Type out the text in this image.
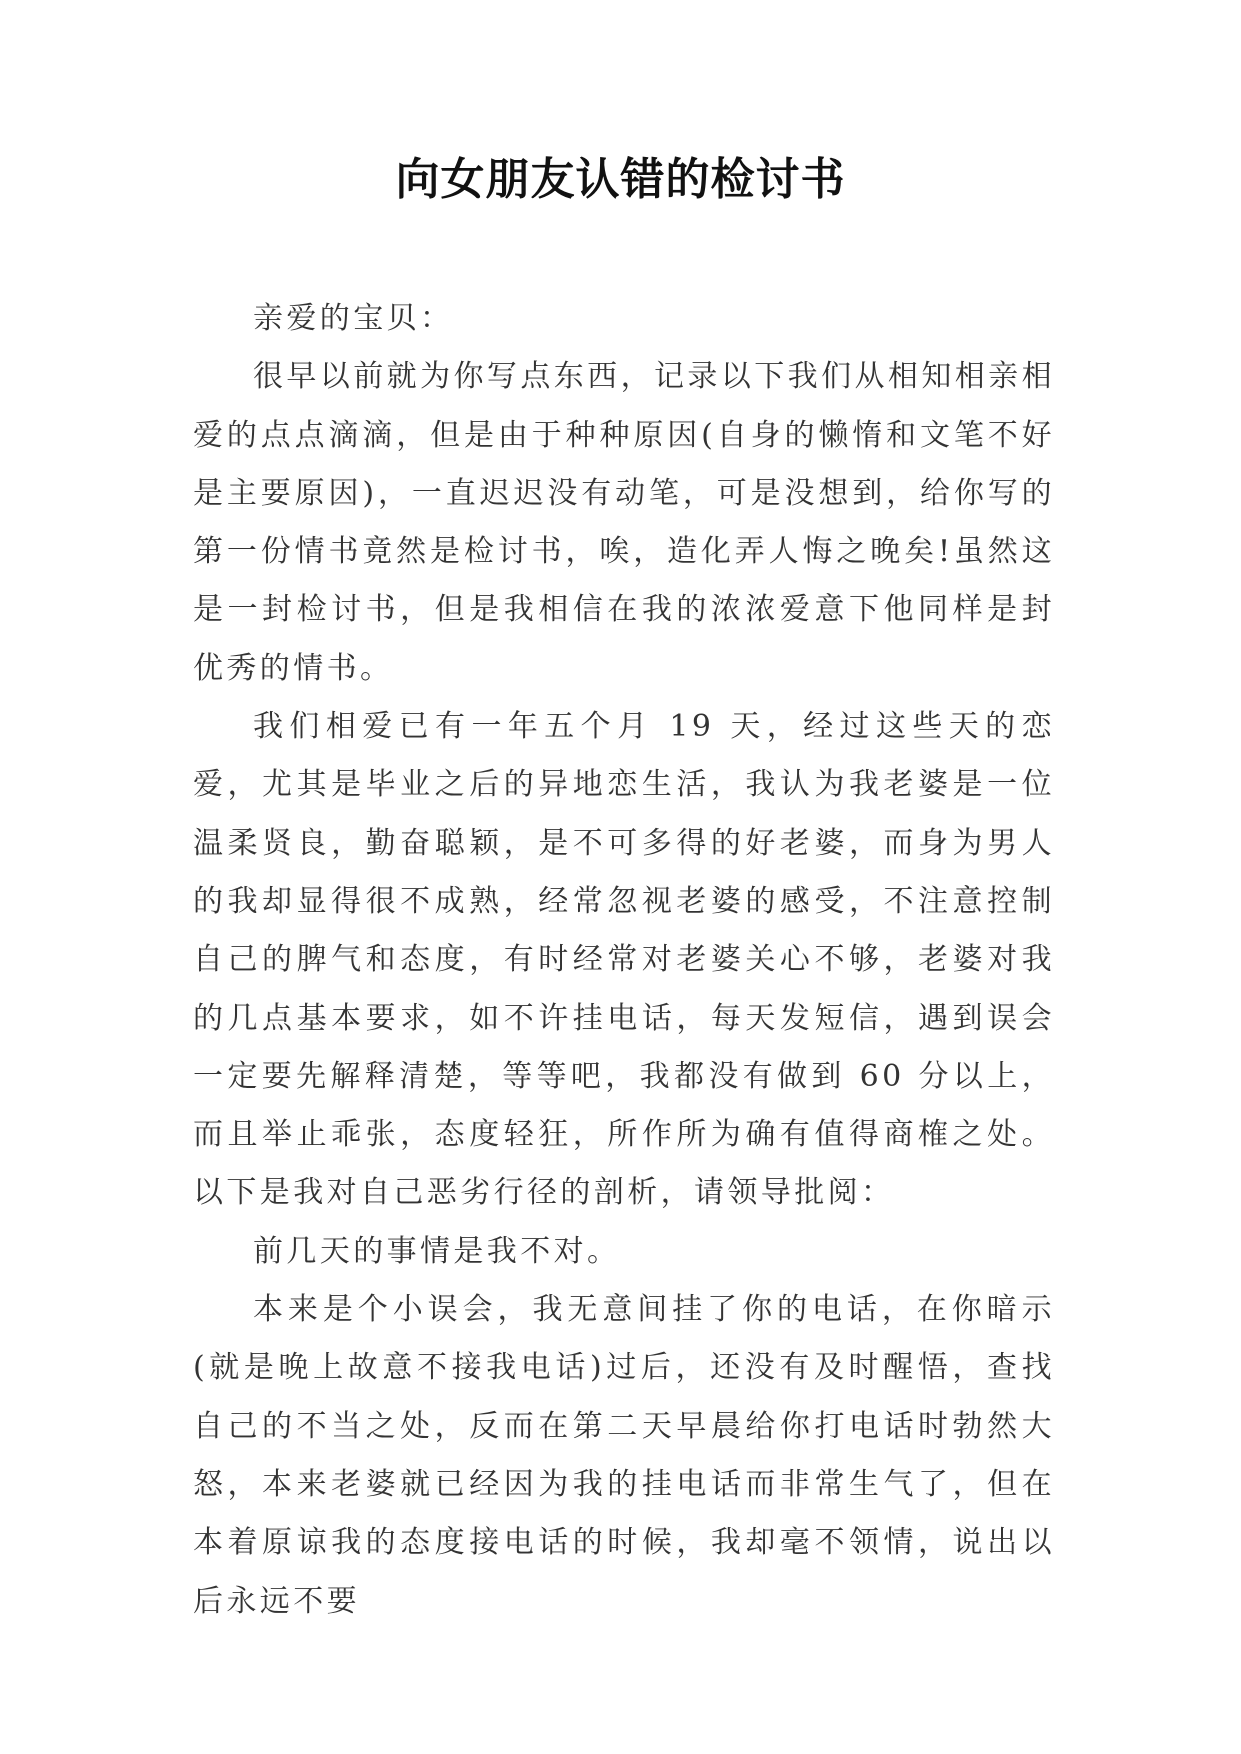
向女朋友认错的检讨书

亲爱的宝贝：

很早以前就为你写点东西，记录以下我们从相知相亲相爱的点点滴滴，但是由于种种原因(自身的懒惰和文笔不好是主要原因)，一直迟迟没有动笔，可是没想到，给你写的第一份情书竟然是检讨书，唉，造化弄人悔之晚矣!虽然这是一封检讨书，但是我相信在我的浓浓爱意下他同样是封优秀的情书。

我们相爱已有一年五个月 19 天，经过这些天的恋爱，尤其是毕业之后的异地恋生活，我认为我老婆是一位温柔贤良，勤奋聪颖，是不可多得的好老婆，而身为男人的我却显得很不成熟，经常忽视老婆的感受，不注意控制自己的脾气和态度，有时经常对老婆关心不够，老婆对我的几点基本要求，如不许挂电话，每天发短信，遇到误会一定要先解释清楚，等等吧，我都没有做到 60 分以上，而且举止乖张，态度轻狂，所作所为确有值得商榷之处。以下是我对自己恶劣行径的剖析，请领导批阅：

前几天的事情是我不对。

本来是个小误会，我无意间挂了你的电话，在你暗示(就是晚上故意不接我电话)过后，还没有及时醒悟，查找自己的不当之处，反而在第二天早晨给你打电话时勃然大怒，本来老婆就已经因为我的挂电话而非常生气了，但在本着原谅我的态度接电话的时候，我却毫不领情，说出以后永远不要
